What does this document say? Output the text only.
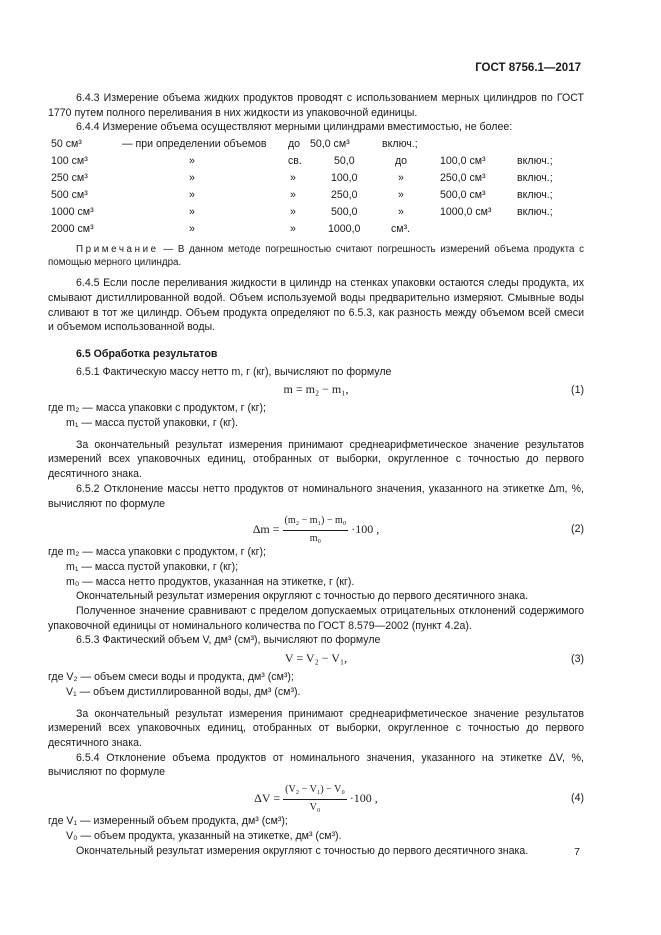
ГОСТ 8756.1—2017

6.4.3 Измерение объема жидких продуктов проводят с использованием мерных цилиндров по ГОСТ 1770 путем полного переливания в них жидкости из упаковочной единицы.

6.4.4 Измерение объема осуществляют мерными цилиндрами вместимостью, не более:

50 см³	— при определении объемов до 50,0 см³	включ.;
100 см³	»	св.	50,0	до	100,0 см³	включ.;
250 см³	»	»	100,0	»	250,0 см³	включ.;
500 см³	»	»	250,0	»	500,0 см³	включ.;
1000 см³	»	»	500,0	»	1000,0 см³ включ.;
2000 см³	»	»	1000,0	см³.

Примечание — В данном методе погрешностью считают погрешность измерений объема продукта с помощью мерного цилиндра.

6.4.5 Если после переливания жидкости в цилиндр на стенках упаковки остаются следы продукта, их смывают дистиллированной водой. Объем используемой воды предварительно измеряют. Смывные воды сливают в тот же цилиндр. Объем продукта определяют по 6.5.3, как разность между объемом всей смеси и объемом использованной воды.

6.5 Обработка результатов

6.5.1 Фактическую массу нетто m, г (кг), вычисляют по формуле

m = m₂ − m₁,	(1)

где m₂ — масса упаковки с продуктом, г (кг);

m₁ — масса пустой упаковки, г (кг).

За окончательный результат измерения принимают среднеарифметическое значение результатов измерений всех упаковочных единиц, отобранных от выборки, округленное с точностью до первого десятичного знака.

6.5.2 Отклонение массы нетто продуктов от номинального значения, указанного на этикетке Δm, %, вычисляют по формуле

$\Delta m = \frac{\text{(m₂ − m₁) − m₀}}{\text{m₀}} \cdot 100$ ,	(2)

где m₂ — масса упаковки с продуктом, г (кг);

m₁ — масса пустой упаковки, г (кг);

m₀ — масса нетто продуктов, указанная на этикетке, г (кг).

Окончательный результат измерения округляют с точностью до первого десятичного знака.

Полученное значение сравнивают с пределом допускаемых отрицательных отклонений содержимого упаковочной единицы от номинального количества по ГОСТ 8.579—2002 (пункт 4.2а).

6.5.3 Фактический объем V, дм³ (см³), вычисляют по формуле

V = V₂ − V₁,	(3)

где V₂ — объем смеси воды и продукта, дм³ (см³);

V₁ — объем дистиллированной воды, дм³ (см³).

За окончательный результат измерения принимают среднеарифметическое значение результатов измерений всех упаковочных единиц, отобранных от выборки, округленное с точностью до первого десятичного знака.

6.5.4 Отклонение объема продуктов от номинального значения, указанного на этикетке ΔV, %, вычисляют по формуле

$\Delta V = \frac{\text{(V₂ − V₁) − V₀}}{\text{V₀}} \cdot 100$ ,	(4)

где V₁ — измеренный объем продукта, дм³ (см³);

V₀ — объем продукта, указанный на этикетке, дм³ (см³).

Окончательный результат измерения округляют с точностью до первого десятичного знака.	7
